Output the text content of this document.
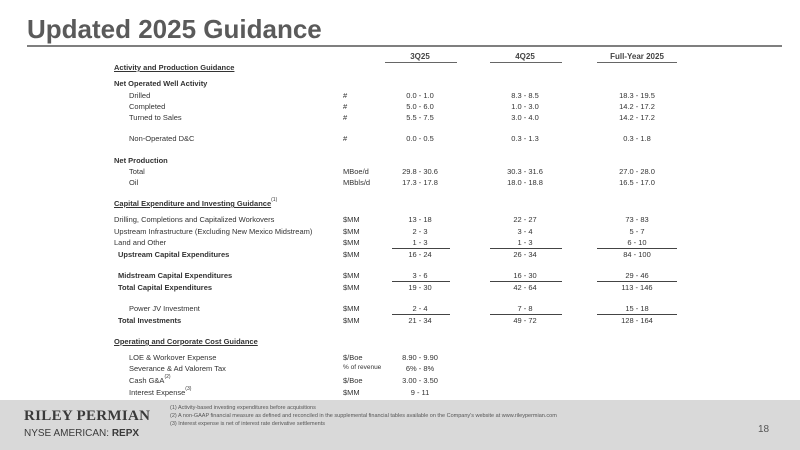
Updated 2025 Guidance
3Q25	4Q25	Full-Year 2025
Activity and Production Guidance
Net Operated Well Activity
Drilled	#	0.0 - 1.0	8.3 - 8.5	18.3 - 19.5
Completed	#	5.0 - 6.0	1.0 - 3.0	14.2 - 17.2
Turned to Sales	#	5.5 - 7.5	3.0 - 4.0	14.2 - 17.2
Non-Operated D&C	#	0.0 - 0.5	0.3 - 1.3	0.3 - 1.8
Net Production
Total	MBoe/d	29.8 - 30.6	30.3 - 31.6	27.0 - 28.0
Oil	MBbls/d	17.3 - 17.8	18.0 - 18.8	16.5 - 17.0
Capital Expenditure and Investing Guidance$^{(1)}$
Drilling, Completions and Capitalized Workovers	$MM	13 - 18	22 - 27	73 - 83
Upstream Infrastructure (Excluding New Mexico Midstream)	$MM	2 - 3	3 - 4	5 - 7
Land and Other	$MM	1 - 3	1 - 3	6 - 10
Upstream Capital Expenditures	$MM	16 - 24	26 - 34	84 - 100
Midstream Capital Expenditures	$MM	3 - 6	16 - 30	29 - 46
Total Capital Expenditures	$MM	19 - 30	42 - 64	113 - 146
Power JV Investment	$MM	2 - 4	7 - 8	15 - 18
Total Investments	$MM	21 - 34	49 - 72	128 - 164
Operating and Corporate Cost Guidance
LOE & Workover Expense	$/Boe	8.90 - 9.90
Severance & Ad Valorem Tax	% of revenue	6% - 8%
Cash $G\&A^{(2)}$	$/Boe	3.00 - 3.50
Interest Expense$^{(3)}$	$MM	9 - 11
RILEY PERMIAN
NYSE AMERICAN: REPX
(1) Activity-based investing expenditures before acquisitions
(2) A non-GAAP financial measure as defined and reconciled in the supplemental financial tables available on the Company's website at www.rileypermian.com
(3) Interest expense is net of interest rate derivative settlements	18
